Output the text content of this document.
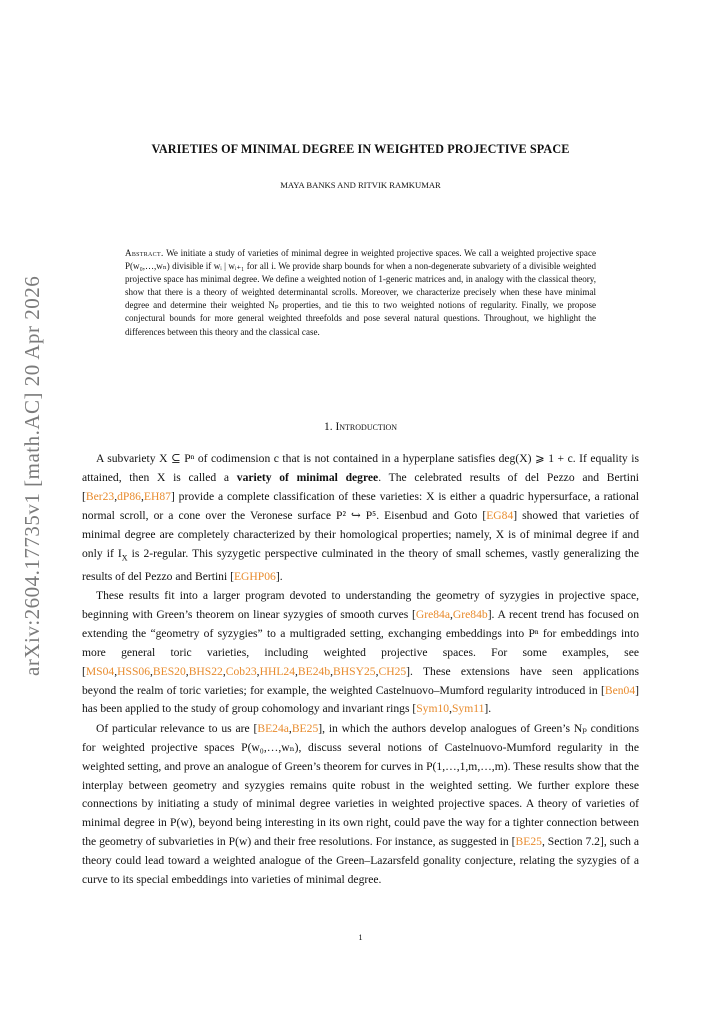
arXiv:2604.17735v1 [math.AC] 20 Apr 2026
VARIETIES OF MINIMAL DEGREE IN WEIGHTED PROJECTIVE SPACE
MAYA BANKS AND RITVIK RAMKUMAR
Abstract. We initiate a study of varieties of minimal degree in weighted projective spaces. We call a weighted projective space P(w₀,…,wₙ) divisible if wᵢ | wᵢ₊₁ for all i. We provide sharp bounds for when a non-degenerate subvariety of a divisible weighted projective space has minimal degree. We define a weighted notion of 1-generic matrices and, in analogy with the classical theory, show that there is a theory of weighted determinantal scrolls. Moreover, we characterize precisely when these have minimal degree and determine their weighted Nₚ properties, and tie this to two weighted notions of regularity. Finally, we propose conjectural bounds for more general weighted threefolds and pose several natural questions. Throughout, we highlight the differences between this theory and the classical case.
1. Introduction

A subvariety X ⊆ Pⁿ of codimension c that is not contained in a hyperplane satisfies deg(X) ⩾ 1 + c. If equality is attained, then X is called a variety of minimal degree. The celebrated results of del Pezzo and Bertini [Ber23,dP86,EH87] provide a complete classification of these varieties: X is either a quadric hypersurface, a rational normal scroll, or a cone over the Veronese surface P² ↪ P⁵. Eisenbud and Goto [EG84] showed that varieties of minimal degree are completely characterized by their homological properties; namely, X is of minimal degree if and only if $I_X$ is 2-regular. This syzygetic perspective culminated in the theory of small schemes, vastly generalizing the results of del Pezzo and Bertini [EGHP06].

These results fit into a larger program devoted to understanding the geometry of syzygies in projective space, beginning with Green’s theorem on linear syzygies of smooth curves [Gre84a,Gre84b]. A recent trend has focused on extending the “geometry of syzygies” to a multigraded setting, exchanging embeddings into Pⁿ for embeddings into more general toric varieties, including weighted projective spaces. For some examples, see [MS04,HSS06,BES20,BHS22,Cob23,HHL24,BE24b,BHSY25,CH25]. These extensions have seen applications beyond the realm of toric varieties; for example, the weighted Castelnuovo–Mumford regularity introduced in [Ben04] has been applied to the study of group cohomology and invariant rings [Sym10,Sym11].

Of particular relevance to us are [BE24a,BE25], in which the authors develop analogues of Green’s Nₚ conditions for weighted projective spaces P(w₀,…,wₙ), discuss several notions of Castelnuovo-Mumford regularity in the weighted setting, and prove an analogue of Green’s theorem for curves in P(1,…,1,m,…,m). These results show that the interplay between geometry and syzygies remains quite robust in the weighted setting. We further explore these connections by initiating a study of minimal degree varieties in weighted projective spaces. A theory of varieties of minimal degree in P(w), beyond being interesting in its own right, could pave the way for a tighter connection between the geometry of subvarieties in P(w) and their free resolutions. For instance, as suggested in [BE25, Section 7.2], such a theory could lead toward a weighted analogue of the Green–Lazarsfeld gonality conjecture, relating the syzygies of a curve to its special embeddings into varieties of minimal degree.

1
